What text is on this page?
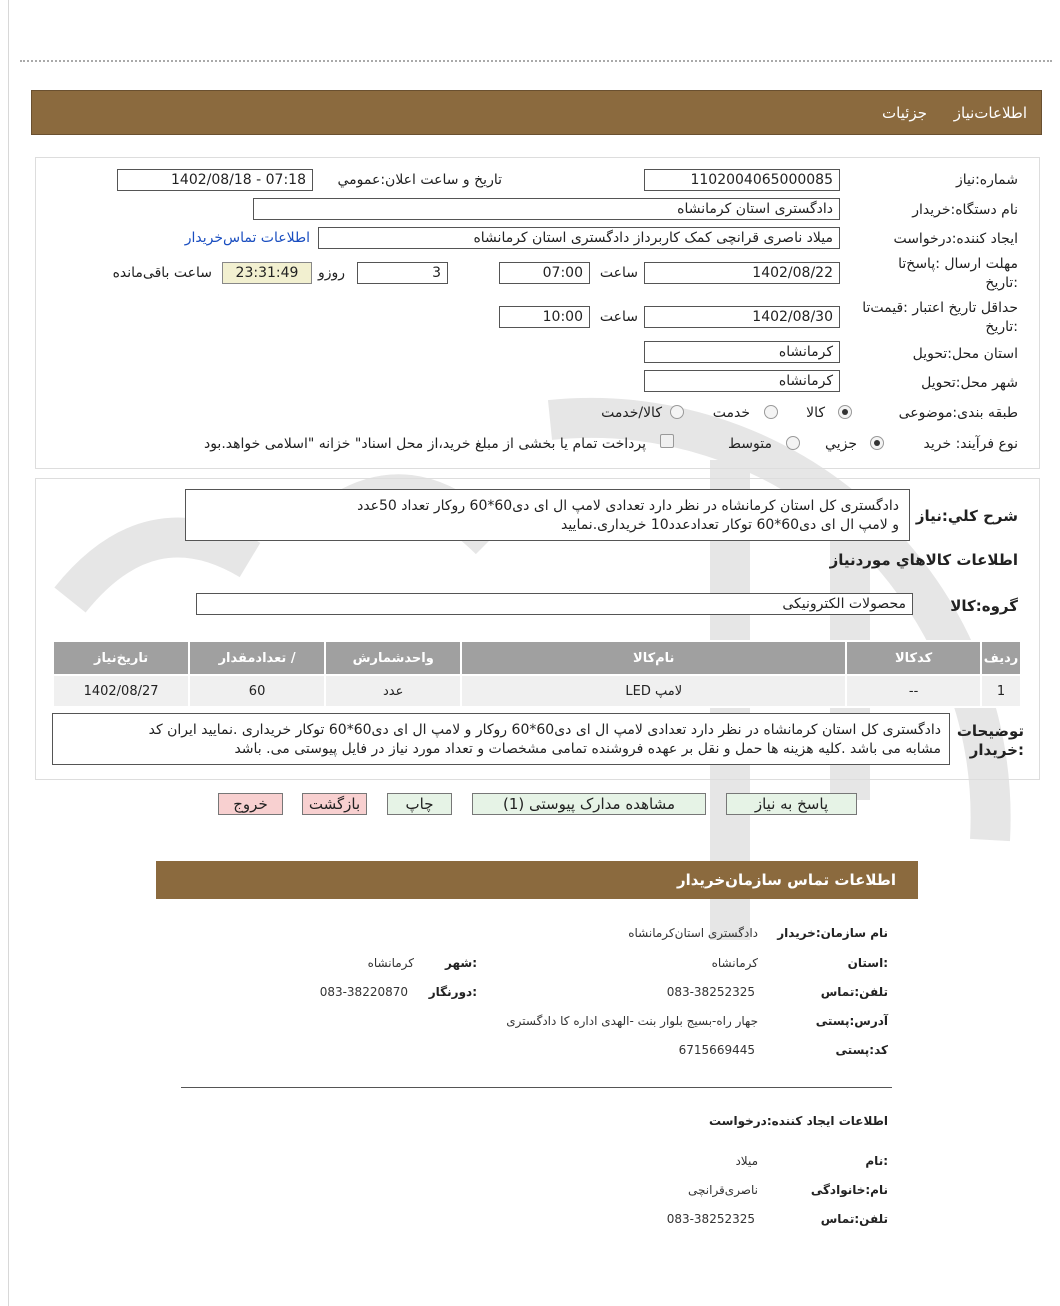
اطلاعات‌نیاز جزئیات
شماره:نیاز
1102004065000085
تاریخ و ساعت اعلان:عمومي
1402/08/18 - 07:18
نام دستگاه:خریدار
دادگستری استان کرمانشاه
ایجاد کننده:درخواست
میلاد ناصری قرانچی کمک کاربرداز دادگستری استان کرمانشاه
اطلاعات تماس‌خریدار
مهلت ارسال :پاسخ‌تا
:تاریخ
1402/08/22
ساعت
07:00
3
روزو
23:31:49
ساعت باقی‌مانده
حداقل تاریخ اعتبار :قیمت‌تا
:تاریخ
1402/08/30
ساعت
10:00
استان محل:تحویل
کرمانشاه
شهر محل:تحویل
کرمانشاه
طبقه بندی:موضوعی
کالا
خدمت
کالا/خدمت
نوع فرآیند: خرید
جزیي
متوسط
پرداخت تمام یا بخشی از مبلغ خرید،از محل اسناد" خزانه "اسلامی خواهد.بود
شرح کلي:نیاز
دادگستری کل استان کرمانشاه در نظر دارد تعدادی لامپ ال ای دی60*60 روکار تعداد 50عدد
و لامپ ال ای دی60*60 توکار تعداد‌عدد10 خریداری.نمایید
اطلاعات کالاهاي موردنیاز
گروه:کالا
محصولات الکترونیکی
ردیف	کدکالا	نام‌کالا	واحدشمارش	/ تعدادمقدار	تاریخ‌نیاز
1	--	لامپ LED	عدد	60	1402/08/27
توضیحات
:خریدار
دادگستری کل استان کرمانشاه در نظر دارد تعدادی لامپ ال ای دی60*60 روکار و لامپ ال ای دی60*60 توکار خریداری .نمایید ایران کد
مشابه می باشد .کلیه هزینه ها حمل و نقل بر عهده فروشنده تمامی مشخصات و تعداد مورد نیاز در فایل پیوستی می. باشد
پاسخ به نیاز
مشاهده مدارک پیوستی (1)
چاپ
بازگشت
خروج
اطلاعات تماس سازمان‌خریدار
نام سازمان:خریدار
دادگستری استان‌کرمانشاه
:استان
کرمانشاه
:شهر
کرمانشاه
تلفن:تماس
083-38252325
:دورنگار
083-38220870
آدرس:پستی
جهار راه-بسیج بلوار بنت -الهدی اداره کا دادگستری
کد:پستی
6715669445
اطلاعات ایجاد کننده:درخواست
:نام
میلاد
نام:خانوادگی
ناصری‌قرانچی
تلفن:تماس
083-38252325
